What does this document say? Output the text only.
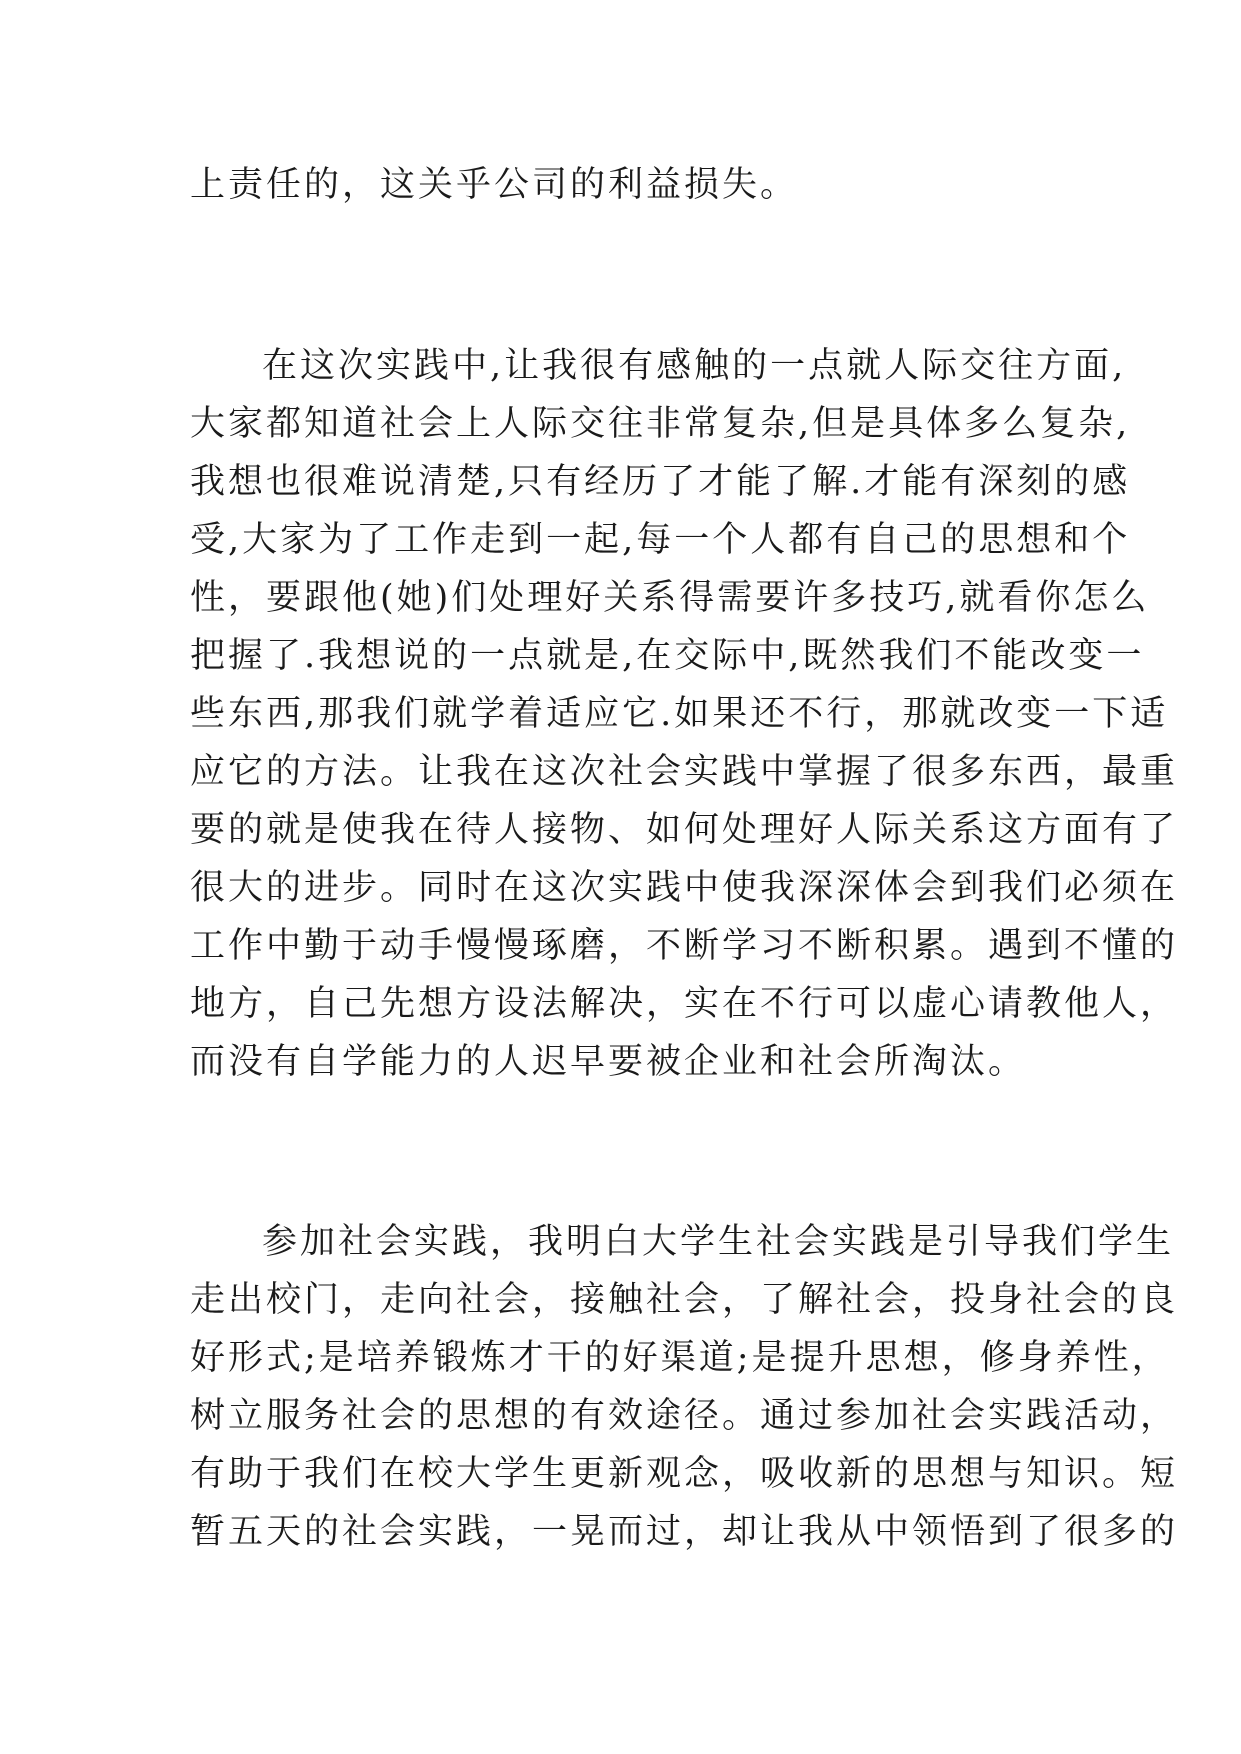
上责任的，这关乎公司的利益损失。
在这次实践中,让我很有感触的一点就人际交往方面,
大家都知道社会上人际交往非常复杂,但是具体多么复杂,
我想也很难说清楚,只有经历了才能了解.才能有深刻的感
受,大家为了工作走到一起,每一个人都有自己的思想和个
性，要跟他(她)们处理好关系得需要许多技巧,就看你怎么
把握了.我想说的一点就是,在交际中,既然我们不能改变一
些东西,那我们就学着适应它.如果还不行，那就改变一下适
应它的方法。让我在这次社会实践中掌握了很多东西，最重
要的就是使我在待人接物、如何处理好人际关系这方面有了
很大的进步。同时在这次实践中使我深深体会到我们必须在
工作中勤于动手慢慢琢磨，不断学习不断积累。遇到不懂的
地方，自己先想方设法解决，实在不行可以虚心请教他人，
而没有自学能力的人迟早要被企业和社会所淘汰。
参加社会实践，我明白大学生社会实践是引导我们学生
走出校门，走向社会，接触社会，了解社会，投身社会的良
好形式;是培养锻炼才干的好渠道;是提升思想，修身养性，
树立服务社会的思想的有效途径。通过参加社会实践活动，
有助于我们在校大学生更新观念，吸收新的思想与知识。短
暂五天的社会实践，一晃而过，却让我从中领悟到了很多的
